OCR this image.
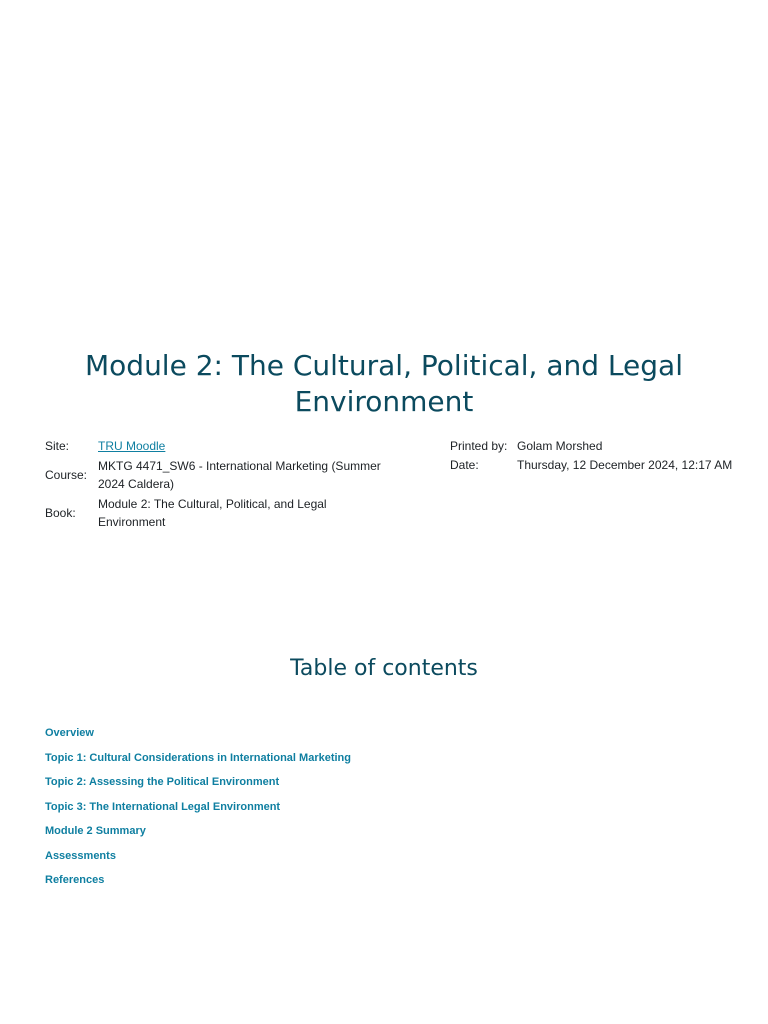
Module 2: The Cultural, Political, and Legal Environment
Site:	TRU Moodle
Course:	MKTG 4471_SW6 - International Marketing (Summer 2024 Caldera)
Book:	Module 2: The Cultural, Political, and Legal Environment
Printed by:	Golam Morshed
Date:	Thursday, 12 December 2024, 12:17 AM
Table of contents
Overview
Topic 1: Cultural Considerations in International Marketing
Topic 2: Assessing the Political Environment
Topic 3: The International Legal Environment
Module 2 Summary
Assessments
References
